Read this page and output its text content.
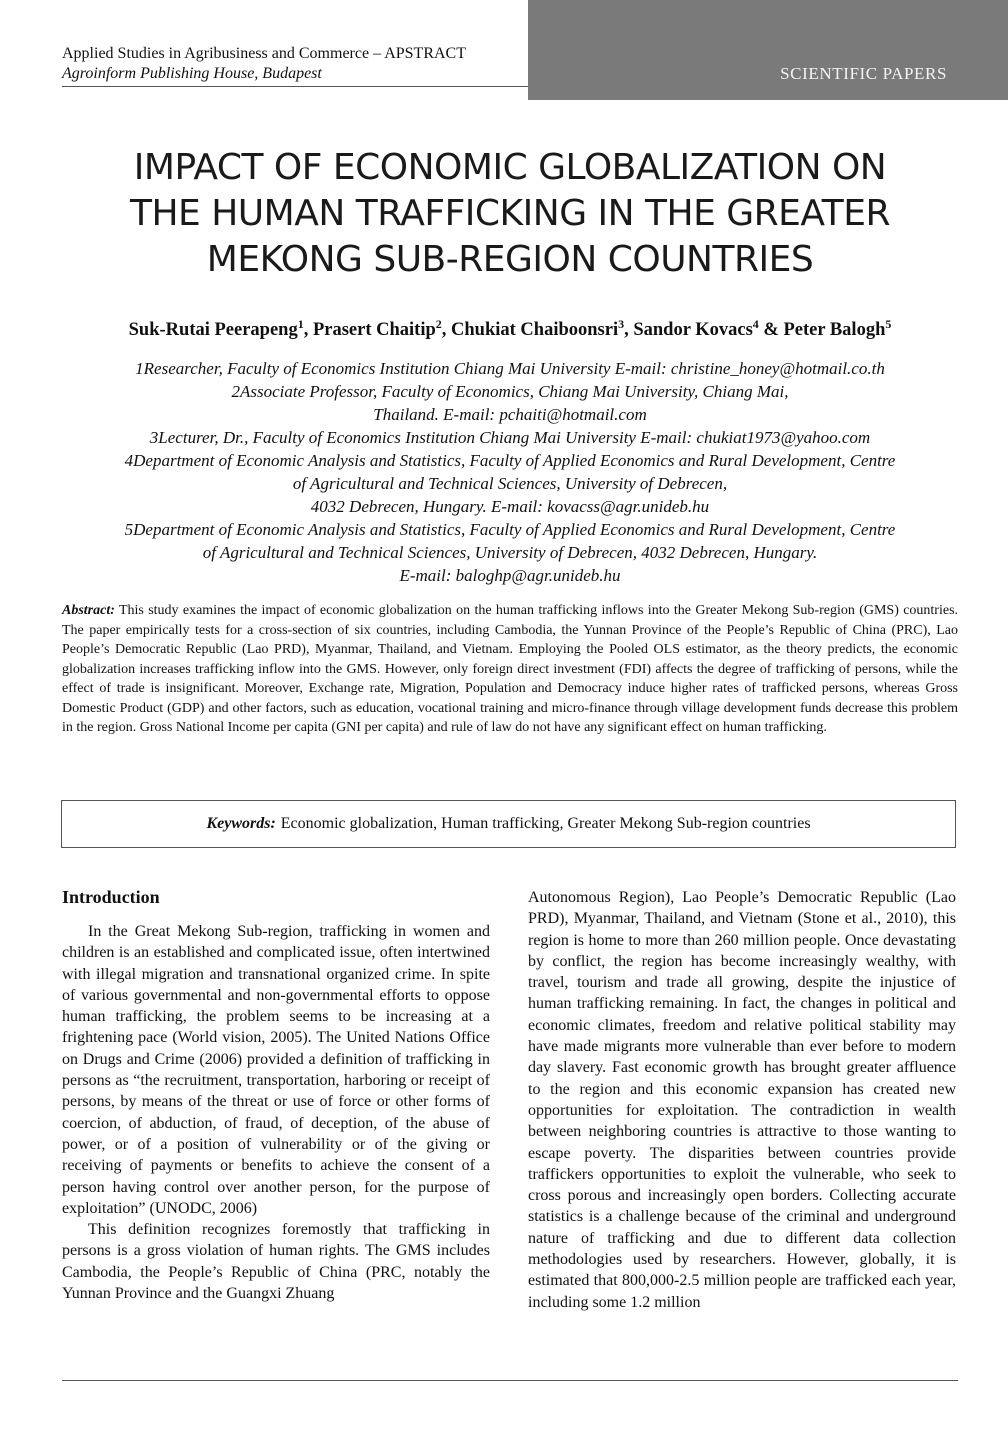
Applied Studies in Agribusiness and Commerce – APSTRACT
Agroinform Publishing House, Budapest	SCIENTIFIC PAPERS
IMPACT OF ECONOMIC GLOBALIZATION ON
THE HUMAN TRAFFICKING IN THE GREATER
MEKONG SUB-REGION COUNTRIES
Suk-Rutai Peerapeng$^1$, Prasert Chaitip$^2$, Chukiat Chaiboonsri$^3$, Sandor Kovacs$^4$ & Peter Balogh$^5$
1Researcher, Faculty of Economics Institution Chiang Mai University E-mail: christine_honey@hotmail.co.th
2Associate Professor, Faculty of Economics, Chiang Mai University, Chiang Mai,
Thailand. E-mail: pchaiti@hotmail.com
3Lecturer, Dr., Faculty of Economics Institution Chiang Mai University E-mail: chukiat1973@yahoo.com
4Department of Economic Analysis and Statistics, Faculty of Applied Economics and Rural Development, Centre
of Agricultural and Technical Sciences, University of Debrecen,
4032 Debrecen, Hungary. E-mail: kovacss@agr.unideb.hu
5Department of Economic Analysis and Statistics, Faculty of Applied Economics and Rural Development, Centre
of Agricultural and Technical Sciences, University of Debrecen, 4032 Debrecen, Hungary.
E-mail: baloghp@agr.unideb.hu

Abstract: This study examines the impact of economic globalization on the human trafficking inflows into the Greater Mekong Sub-region (GMS) countries. The paper empirically tests for a cross-section of six countries, including Cambodia, the Yunnan Province of the People’s Republic of China (PRC), Lao People’s Democratic Republic (Lao PRD), Myanmar, Thailand, and Vietnam. Employing the Pooled OLS estimator, as the theory predicts, the economic globalization increases trafficking inflow into the GMS. However, only foreign direct investment (FDI) affects the degree of trafficking of persons, while the effect of trade is insignificant. Moreover, Exchange rate, Migration, Population and Democracy induce higher rates of trafficked persons, whereas Gross Domestic Product (GDP) and other factors, such as education, vocational training and micro-finance through village development funds decrease this problem in the region. Gross National Income per capita (GNI per capita) and rule of law do not have any significant effect on human trafficking.

Keywords: Economic globalization, Human trafficking, Greater Mekong Sub-region countries
Introduction

In the Great Mekong Sub-region, trafficking in women and children is an established and complicated issue, often intertwined with illegal migration and transnational organized crime. In spite of various governmental and non-governmental efforts to oppose human trafficking, the problem seems to be increasing at a frightening pace (World vision, 2005). The United Nations Office on Drugs and Crime (2006) provided a definition of trafficking in persons as “the recruitment, transportation, harboring or receipt of persons, by means of the threat or use of force or other forms of coercion, of abduction, of fraud, of deception, of the abuse of power, or of a position of vulnerability or of the giving or receiving of payments or benefits to achieve the consent of a person having control over another person, for the purpose of exploitation” (UNODC, 2006)

This definition recognizes foremostly that trafficking in persons is a gross violation of human rights. The GMS includes Cambodia, the People’s Republic of China (PRC, notably the Yunnan Province and the Guangxi Zhuang

Autonomous Region), Lao People’s Democratic Republic (Lao PRD), Myanmar, Thailand, and Vietnam (Stone et al., 2010), this region is home to more than 260 million people. Once devastating by conflict, the region has become increasingly wealthy, with travel, tourism and trade all growing, despite the injustice of human trafficking remaining. In fact, the changes in political and economic climates, freedom and relative political stability may have made migrants more vulnerable than ever before to modern day slavery. Fast economic growth has brought greater affluence to the region and this economic expansion has created new opportunities for exploitation. The contradiction in wealth between neighboring countries is attractive to those wanting to escape poverty. The disparities between countries provide traffickers opportunities to exploit the vulnerable, who seek to cross porous and increasingly open borders. Collecting accurate statistics is a challenge because of the criminal and underground nature of trafficking and due to different data collection methodologies used by researchers. However, globally, it is estimated that 800,000-2.5 million people are trafficked each year, including some 1.2 million
